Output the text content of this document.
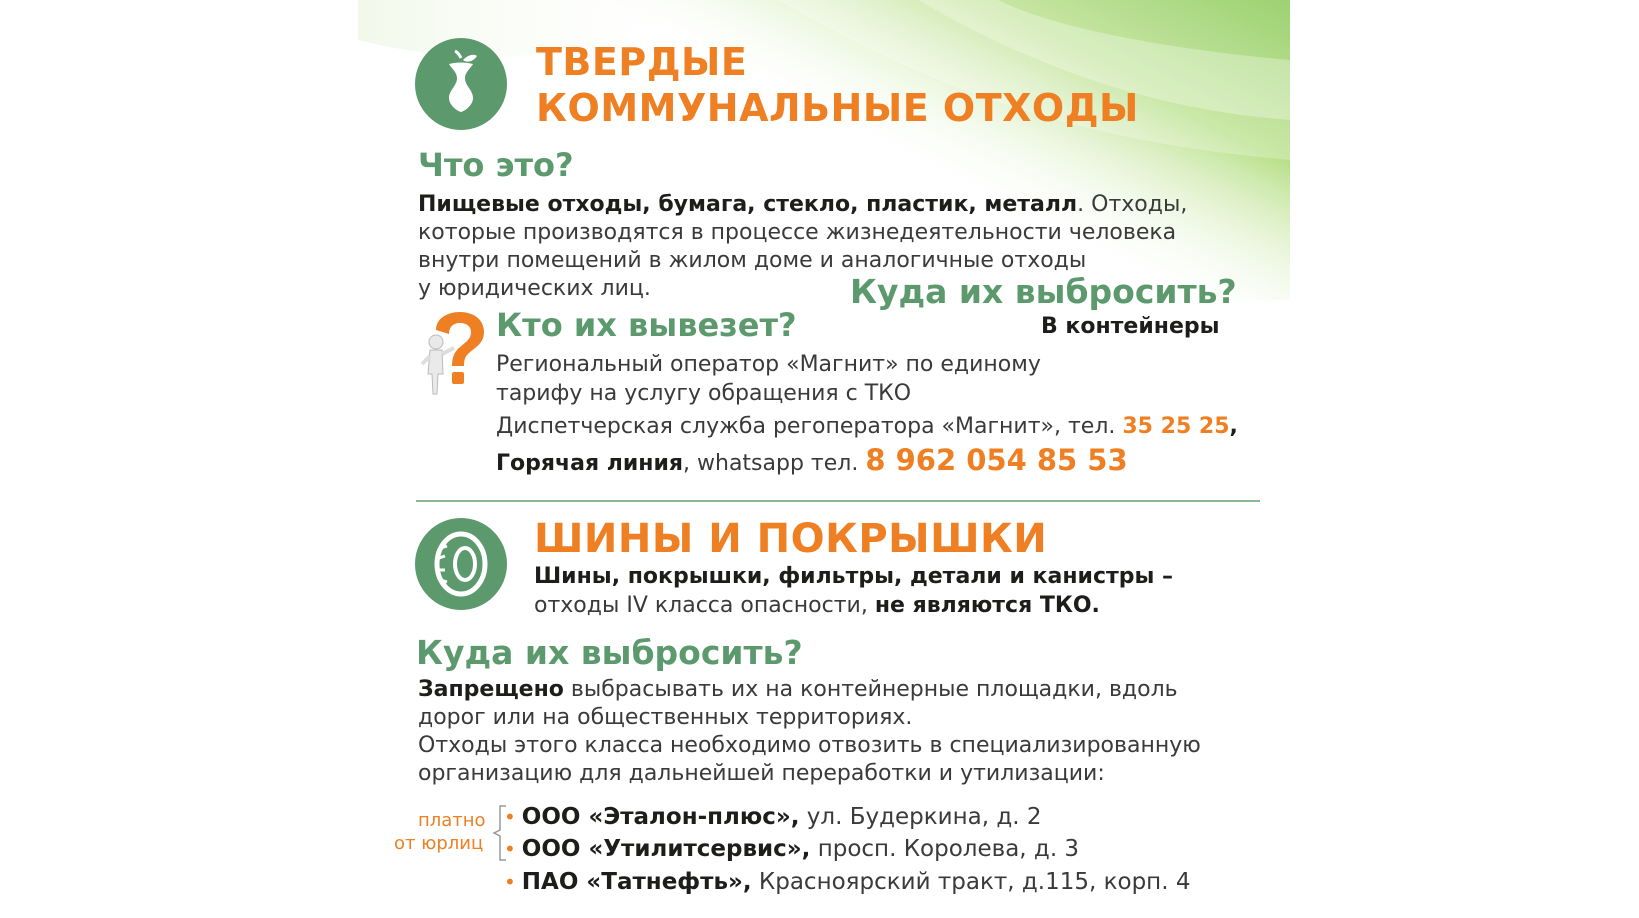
ТВЕРДЫЕ
КОММУНАЛЬНЫЕ ОТХОДЫ
Что это?
Пищевые отходы, бумага, стекло, пластик, металл. Отходы,
которые производятся в процессе жизнедеятельности человека
внутри помещений в жилом доме и аналогичные отходы
у юридических лиц.	Куда их выбросить?
В контейнеры
Кто их вывезет?
Региональный оператор «Магнит» по единому
тарифу на услугу обращения с ТКО
Диспетчерская служба регоператора «Магнит», тел. 35 25 25,
Горячая линия, whatsapp тел. 8 962 054 85 53
ШИНЫ И ПОКРЫШКИ
Шины, покрышки, фильтры, детали и канистры –
отходы IV класса опасности, не являются ТКО.
Куда их выбросить?
Запрещено выбрасывать их на контейнерные площадки, вдоль
дорог или на общественных территориях.
Отходы этого класса необходимо отвозить в специализированную
организацию для дальнейшей переработки и утилизации:
платно
от юрлиц
• ООО «Эталон-плюс», ул. Будеркина, д. 2
• ООО «Утилитсервис», просп. Королева, д. 3
• ПАО «Татнефть», Красноярский тракт, д.115, корп. 4
